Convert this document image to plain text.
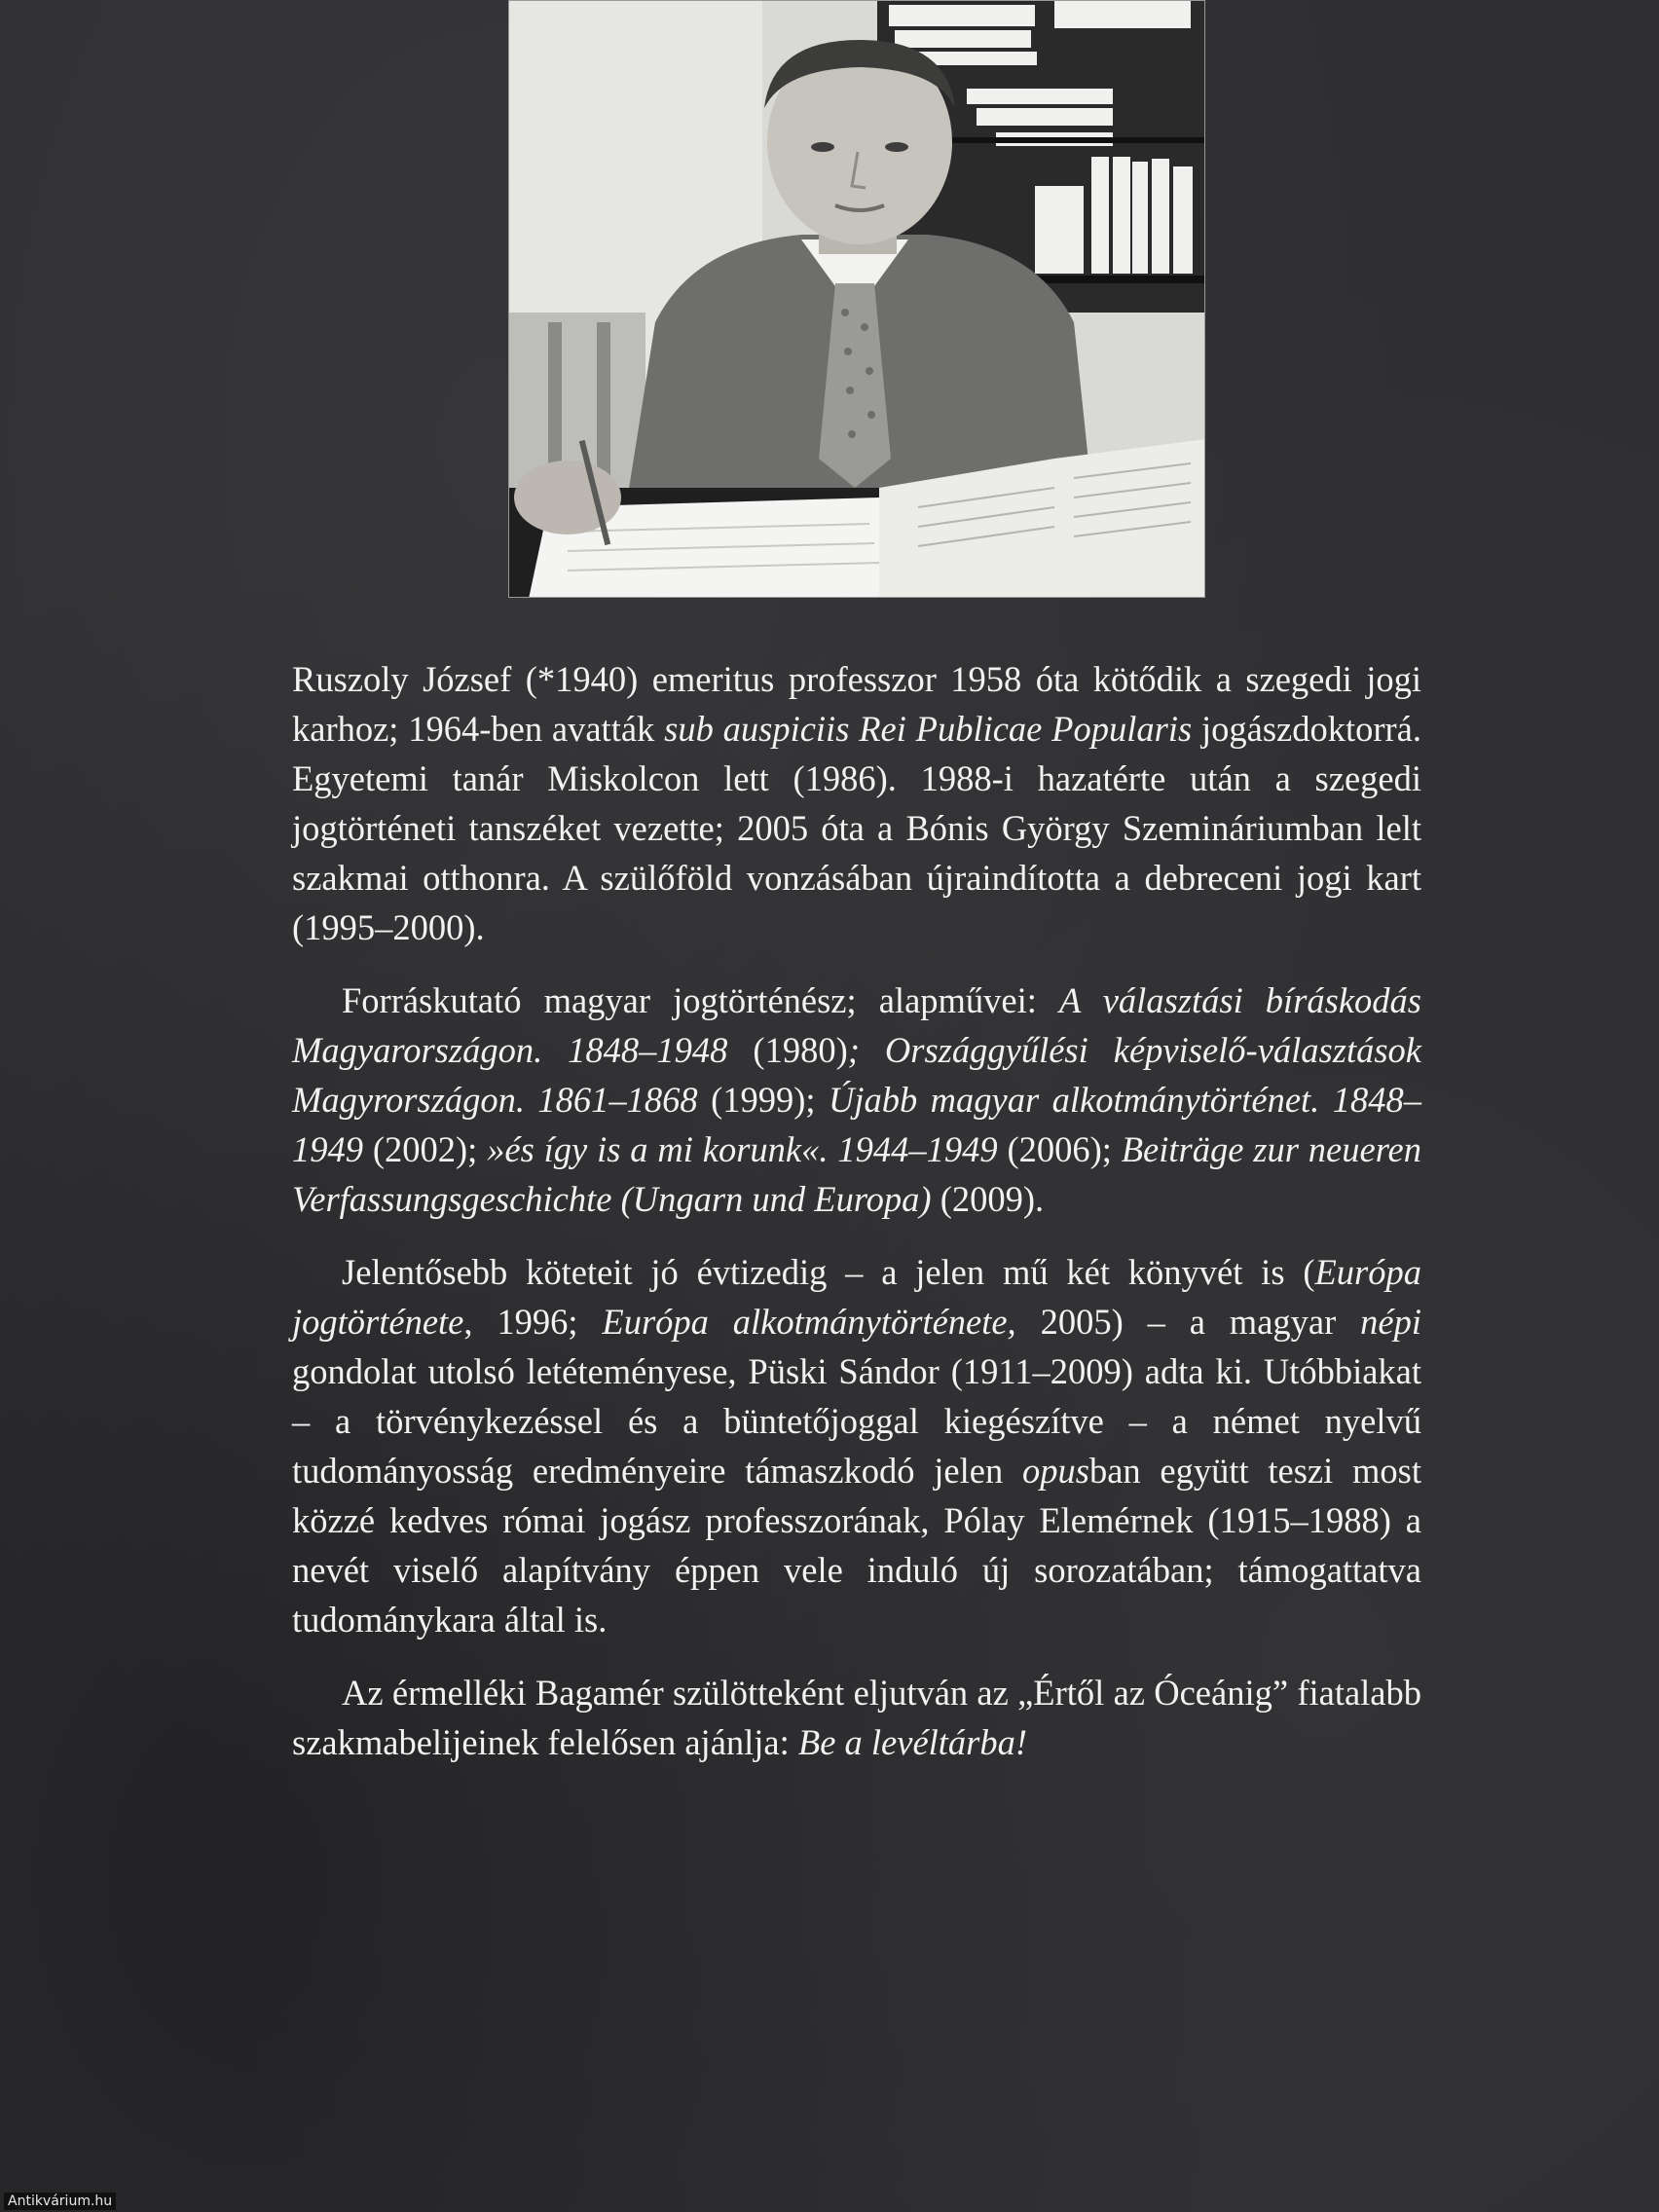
Ruszoly József (*1940) emeritus professzor 1958 óta kötődik a szegedi jogi karhoz; 1964-ben avatták sub auspiciis Rei Publicae Popularis jogászdoktorrá. Egyetemi tanár Miskolcon lett (1986). 1988-i hazatérte után a szegedi jogtörténeti tanszéket vezette; 2005 óta a Bónis György Szemináriumban lelt szakmai otthonra. A szülőföld vonzásában újraindította a debreceni jogi kart (1995–2000).

Forráskutató magyar jogtörténész; alapművei: A választási bíráskodás Magyarországon. 1848–1948 (1980); Országgyűlési képviselő-választások Magyrországon. 1861–1868 (1999); Újabb magyar alkotmánytörténet. 1848–1949 (2002); »és így is a mi korunk«. 1944–1949 (2006); Beiträge zur neueren Verfassungsgeschichte (Ungarn und Europa) (2009).

Jelentősebb köteteit jó évtizedig – a jelen mű két könyvét is (Európa jogtörténete, 1996; Európa alkotmánytörténete, 2005) – a magyar népi gondolat utolsó letéteményese, Püski Sándor (1911–2009) adta ki. Utóbbiakat – a törvénykezéssel és a büntetőjoggal kiegészítve – a német nyelvű tudományosság eredményeire támaszkodó jelen opusban együtt teszi most közzé kedves római jogász professzorának, Pólay Elemérnek (1915–1988) a nevét viselő alapítvány éppen vele induló új sorozatában; támogattatva tudománykara által is.

Az érmelléki Bagamér szülötteként eljutván az „Értől az Óceánig” fiatalabb szakmabelijeinek felelősen ajánlja: Be a levéltárba!

Antikvárium.hu
